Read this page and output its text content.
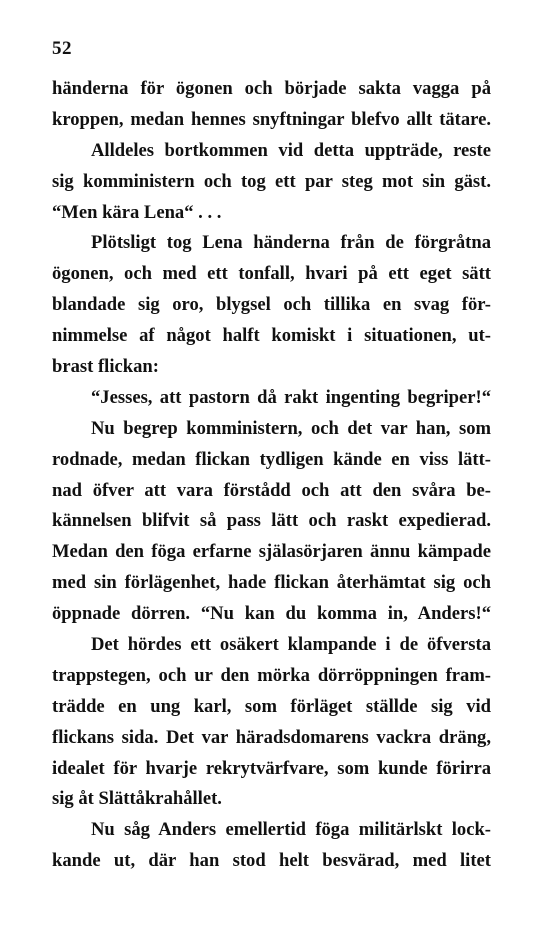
52
händerna för ögonen och började sakta vagga på
kroppen, medan hennes snyftningar blefvo allt tätare.
Alldeles bortkommen vid detta uppträde, reste
sig komministern och tog ett par steg mot sin gäst.
“Men kära Lena“ . . .
Plötsligt tog Lena händerna från de förgråtna
ögonen, och med ett tonfall, hvari på ett eget sätt
blandade sig oro, blygsel och tillika en svag för-
nimmelse af något halft komiskt i situationen, ut-
brast flickan:
“Jesses, att pastorn då rakt ingenting begriper!“
Nu begrep komministern, och det var han, som
rodnade, medan flickan tydligen kände en viss lätt-
nad öfver att vara förstådd och att den svåra be-
kännelsen blifvit så pass lätt och raskt expedierad.
Medan den föga erfarne själasörjaren ännu kämpade
med sin förlägenhet, hade flickan återhämtat sig och
öppnade dörren. “Nu kan du komma in, Anders!“
Det hördes ett osäkert klampande i de öfversta
trappstegen, och ur den mörka dörröppningen fram-
trädde en ung karl, som förläget ställde sig vid
flickans sida. Det var häradsdomarens vackra dräng,
idealet för hvarje rekrytvärfvare, som kunde förirra
sig åt Slättåkrahållet.
Nu såg Anders emellertid föga militärlskt lock-
kande ut, där han stod helt besvärad, med litet
